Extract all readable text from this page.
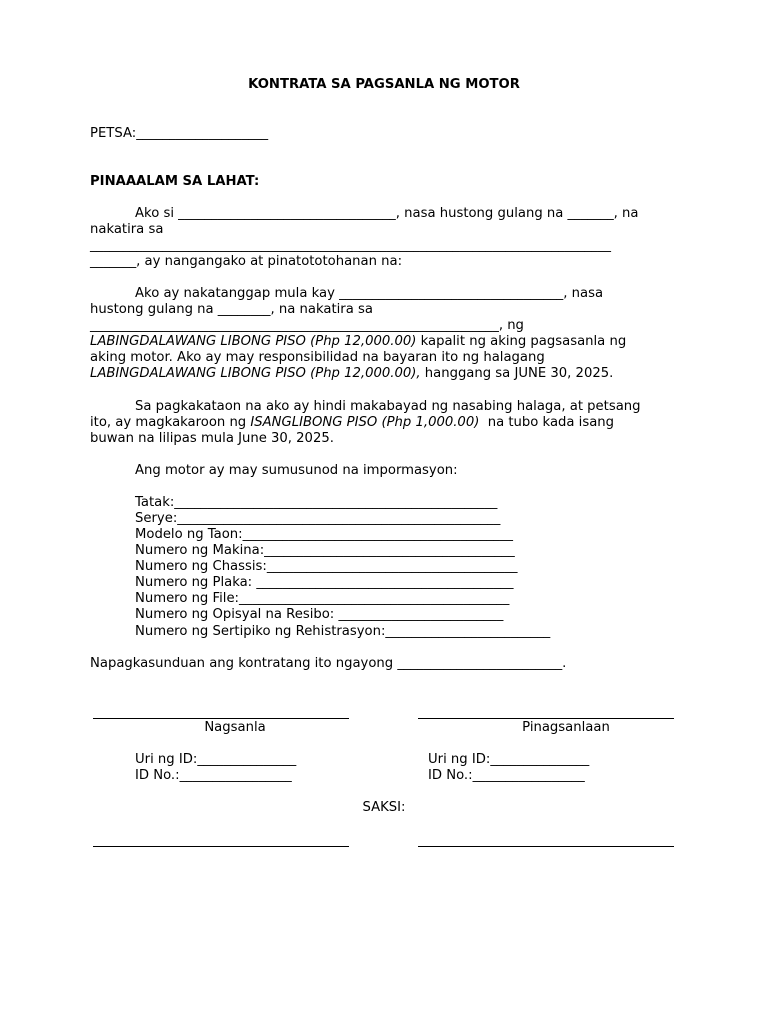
KONTRATA SA PAGSANLA NG MOTOR
PETSA:____________________
PINAAALAM SA LAHAT:
Ako si _________________________________, nasa hustong gulang na _______, na
nakatira sa
_______________________________________________________________________________
_______, ay nangangako at pinatototohanan na:
Ako ay nakatanggap mula kay __________________________________, nasa
hustong gulang na ________, na nakatira sa
______________________________________________________________, ng
LABINGDALAWANG LIBONG PISO (Php 12,000.00) kapalit ng aking pagsasanla ng
aking motor. Ako ay may responsibilidad na bayaran ito ng halagang
LABINGDALAWANG LIBONG PISO (Php 12,000.00), hanggang sa JUNE 30, 2025.
Sa pagkakataon na ako ay hindi makabayad ng nasabing halaga, at petsang
ito, ay magkakaroon ng ISANGLIBONG PISO (Php 1,000.00)  na tubo kada isang
buwan na lilipas mula June 30, 2025.
Ang motor ay may sumusunod na impormasyon:
Tatak:_________________________________________________
Serye:_________________________________________________
Modelo ng Taon:_________________________________________
Numero ng Makina:______________________________________
Numero ng Chassis:______________________________________
Numero ng Plaka: _______________________________________
Numero ng File:_________________________________________
Numero ng Opisyal na Resibo: _________________________
Numero ng Sertipiko ng Rehistrasyon:_________________________
Napagkasunduan ang kontratang ito ngayong _________________________.
Nagsanla	Pinagsanlaan
Uri ng ID:_______________
ID No.:_________________
Uri ng ID:_______________
ID No.:_________________
SAKSI:
